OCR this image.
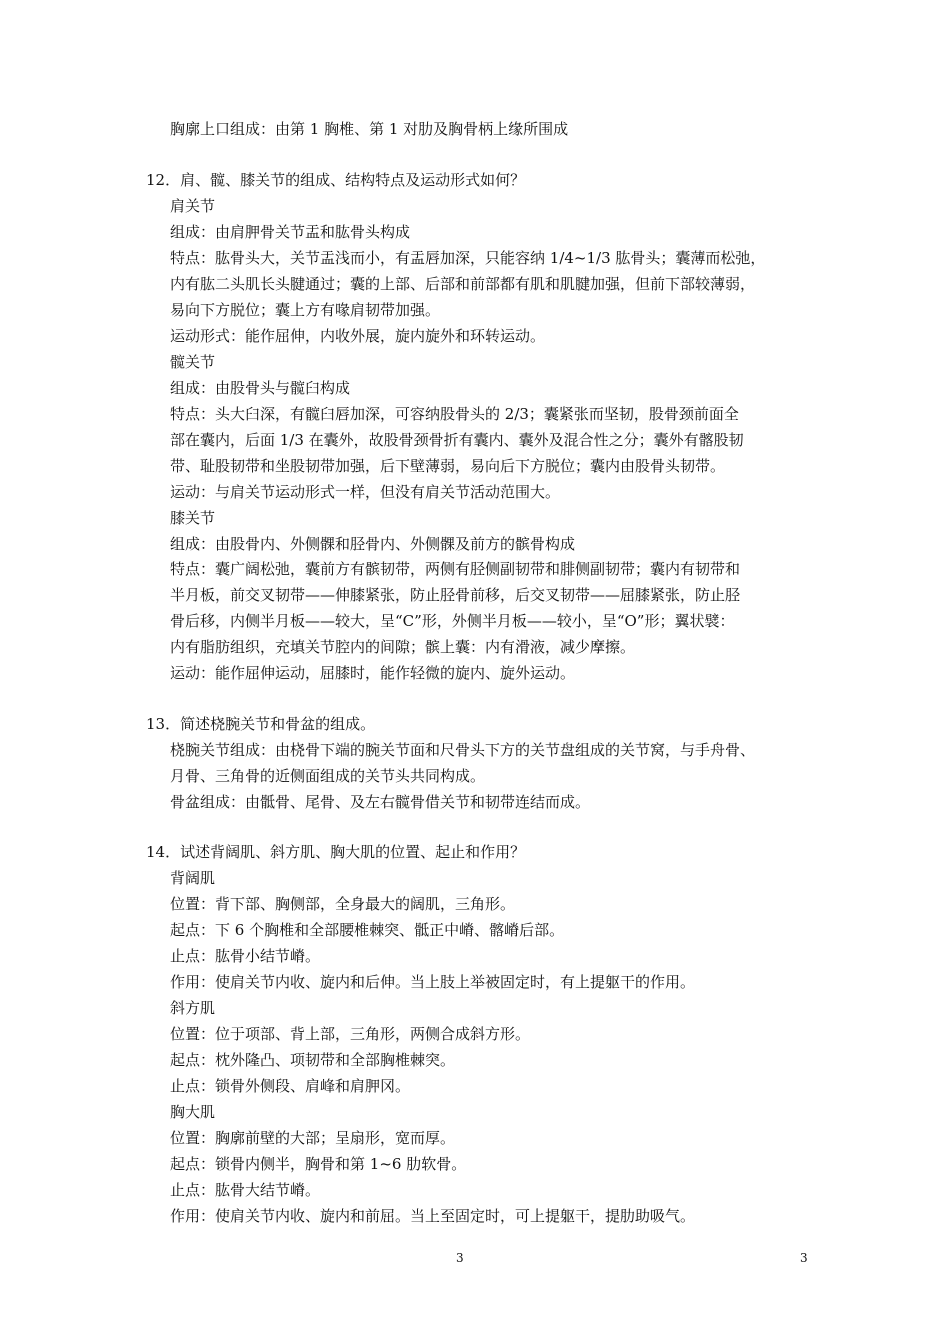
胸廓上口组成：由第 1 胸椎、第 1 对肋及胸骨柄上缘所围成
12．肩、髋、膝关节的组成、结构特点及运动形式如何？
肩关节
组成：由肩胛骨关节盂和肱骨头构成
特点：肱骨头大，关节盂浅而小，有盂唇加深，只能容纳 1/4~1/3 肱骨头；囊薄而松弛，
内有肱二头肌长头腱通过；囊的上部、后部和前部都有肌和肌腱加强，但前下部较薄弱，
易向下方脱位；囊上方有喙肩韧带加强。
运动形式：能作屈伸，内收外展，旋内旋外和环转运动。
髋关节
组成：由股骨头与髋臼构成
特点：头大臼深，有髋臼唇加深，可容纳股骨头的 2/3；囊紧张而坚韧，股骨颈前面全
部在囊内，后面 1/3 在囊外，故股骨颈骨折有囊内、囊外及混合性之分；囊外有髂股韧
带、耻股韧带和坐股韧带加强，后下壁薄弱，易向后下方脱位；囊内由股骨头韧带。
运动：与肩关节运动形式一样，但没有肩关节活动范围大。
膝关节
组成：由股骨内、外侧髁和胫骨内、外侧髁及前方的髌骨构成
特点：囊广阔松弛，囊前方有髌韧带，两侧有胫侧副韧带和腓侧副韧带；囊内有韧带和
半月板，前交叉韧带——伸膝紧张，防止胫骨前移，后交叉韧带——屈膝紧张，防止胫
骨后移，内侧半月板——较大，呈“C”形，外侧半月板——较小，呈“O”形；翼状襞：
内有脂肪组织，充填关节腔内的间隙；髌上囊：内有滑液，减少摩擦。
运动：能作屈伸运动，屈膝时，能作轻微的旋内、旋外运动。
13．简述桡腕关节和骨盆的组成。
桡腕关节组成：由桡骨下端的腕关节面和尺骨头下方的关节盘组成的关节窝，与手舟骨、
月骨、三角骨的近侧面组成的关节头共同构成。
骨盆组成：由骶骨、尾骨、及左右髋骨借关节和韧带连结而成。
14．试述背阔肌、斜方肌、胸大肌的位置、起止和作用？
背阔肌
位置：背下部、胸侧部，全身最大的阔肌，三角形。
起点：下 6 个胸椎和全部腰椎棘突、骶正中嵴、髂嵴后部。
止点：肱骨小结节嵴。
作用：使肩关节内收、旋内和后伸。当上肢上举被固定时，有上提躯干的作用。
斜方肌
位置：位于项部、背上部，三角形，两侧合成斜方形。
起点：枕外隆凸、项韧带和全部胸椎棘突。
止点：锁骨外侧段、肩峰和肩胛冈。
胸大肌
位置：胸廓前壁的大部；呈扇形，宽而厚。
起点：锁骨内侧半，胸骨和第 1~6 肋软骨。
止点：肱骨大结节嵴。
作用：使肩关节内收、旋内和前屈。当上至固定时，可上提躯干，提肋助吸气。
3	3
